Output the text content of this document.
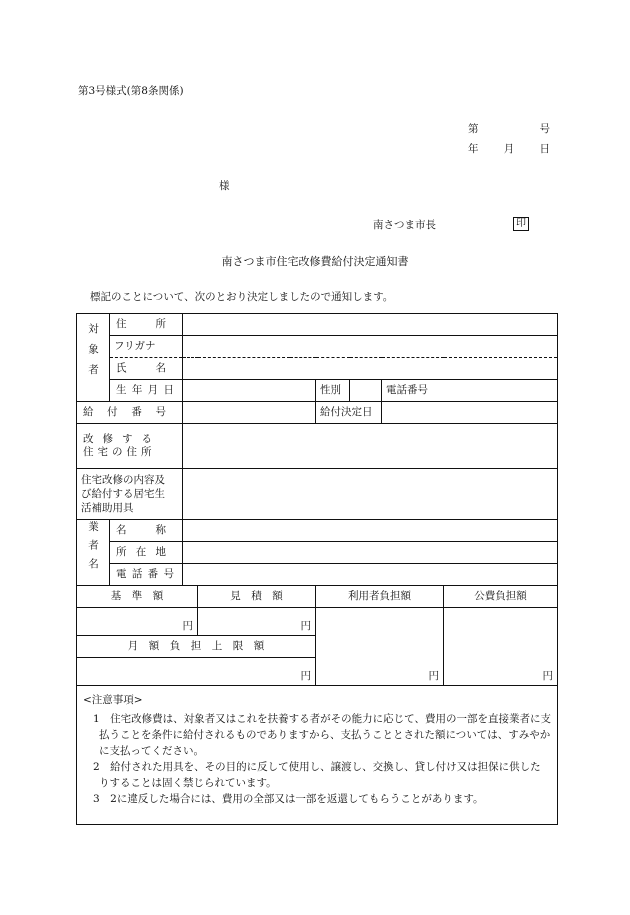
第3号様式(第8条関係)
第	号
年 月 日
様
南さつま市長	印
南さつま市住宅改修費給付決定通知書
標記のことについて、次のとおり決定しましたので通知します。
対象者	住 所						

	フリガナ						

	氏 名						

	生 年 月 日			性別		電話番号	

給 付 番 号				給付決定日			

改修する
住宅の住所							

住宅改修の内容及び給付する居宅生活補助用具							
業者名	名 称						

	所 在 地						

	電 話 番 号						

基　準　額			見　積　額	利用者負担額			公費負担額
円			円	円			円
月　額　負　担　上　限　額							
円							

<注意事項>
1　住宅改修費は、対象者又はこれを扶養する者がその能力に応じて、費用の一部を直接業者に支払うことを条件に給付されるものでありますから、支払うこととされた額については、すみやかに支払ってください。
2　給付された用具を、その目的に反して使用し、譲渡し、交換し、貸し付け又は担保に供したりすることは固く禁じられています。
3　2に違反した場合には、費用の全部又は一部を返還してもらうことがあります。							
